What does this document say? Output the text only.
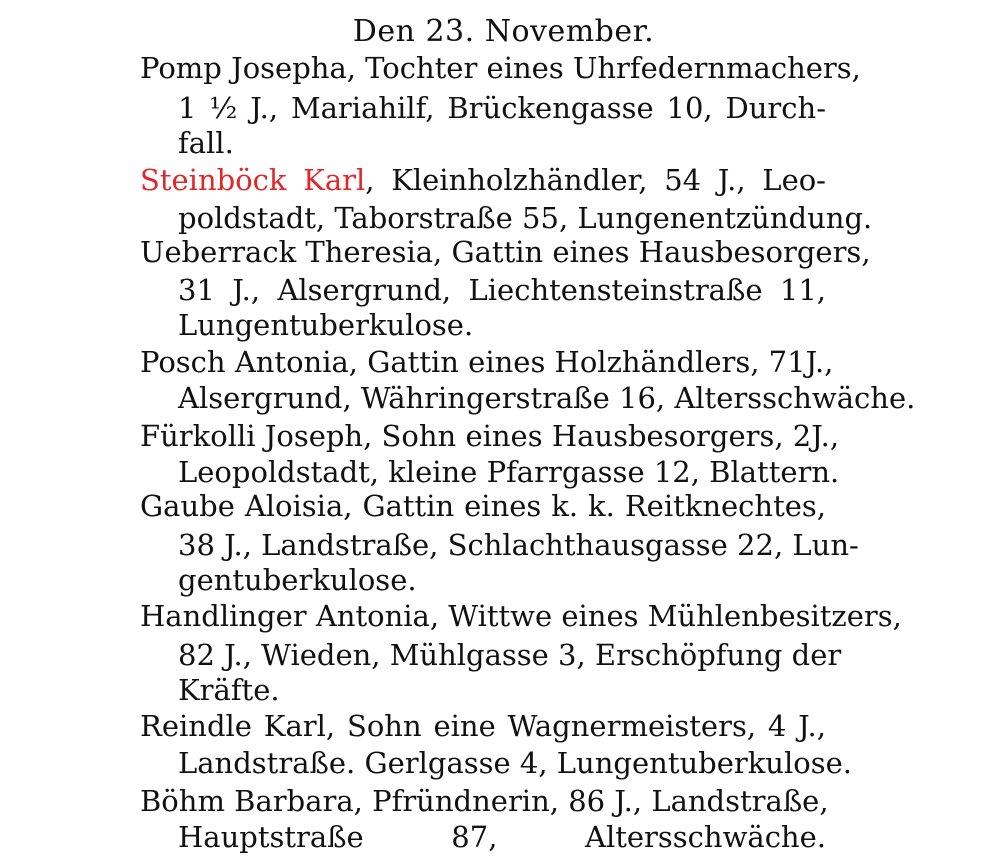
Den 23. November.
Pomp Josepha, Tochter eines Uhrfedernmachers,
1 ½ J., Mariahilf, Brückengasse 10, Durch-
fall.
Steinböck Karl, Kleinholzhändler, 54 J., Leo-
poldstadt, Taborstraße 55, Lungenentzündung.
Ueberrack Theresia, Gattin eines Hausbesorgers,
31 J., Alsergrund, Liechtensteinstraße 11,
Lungentuberkulose.
Posch Antonia, Gattin eines Holzhändlers, 71J.,
Alsergrund, Währingerstraße 16, Altersschwäche.
Fürkolli Joseph, Sohn eines Hausbesorgers, 2J.,
Leopoldstadt, kleine Pfarrgasse 12, Blattern.
Gaube Aloisia, Gattin eines k. k. Reitknechtes,
38 J., Landstraße, Schlachthausgasse 22, Lun-
gentuberkulose.
Handlinger Antonia, Wittwe eines Mühlenbesitzers,
82 J., Wieden, Mühlgasse 3, Erschöpfung der
Kräfte.
Reindle Karl, Sohn eine Wagnermeisters, 4 J.,
Landstraße. Gerlgasse 4, Lungentuberkulose.
Böhm Barbara, Pfründnerin, 86 J., Landstraße,
Hauptstraße 87, Altersschwäche.
